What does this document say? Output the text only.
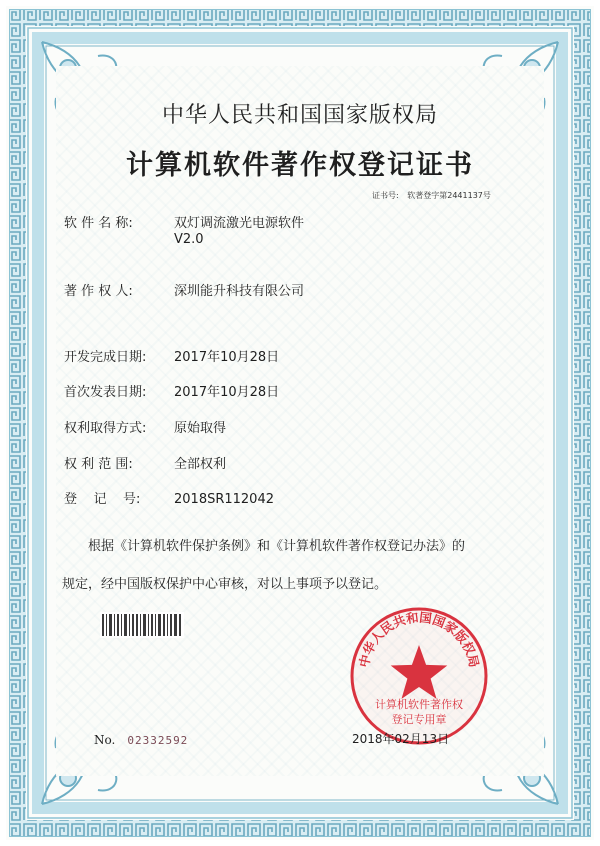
中华人民共和国国家版权局
计算机软件著作权登记证书
证书号: 软著登字第2441137号
软 件 名 称:	双灯调流激光电源软件
V2.0
著 作 权 人:	深圳能升科技有限公司
开发完成日期: 2017年10月28日
首次发表日期: 2017年10月28日
权利取得方式: 原始取得
权 利 范 围:	全部权利
登    记    号:	2018SR112042
根据《计算机软件保护条例》和《计算机软件著作权登记办法》的
规定，经中国版权保护中心审核，对以上事项予以登记。
中华人民共和国国家版权局
计算机软件著作权
登记专用章
No. 02332592	2018年02月13日
